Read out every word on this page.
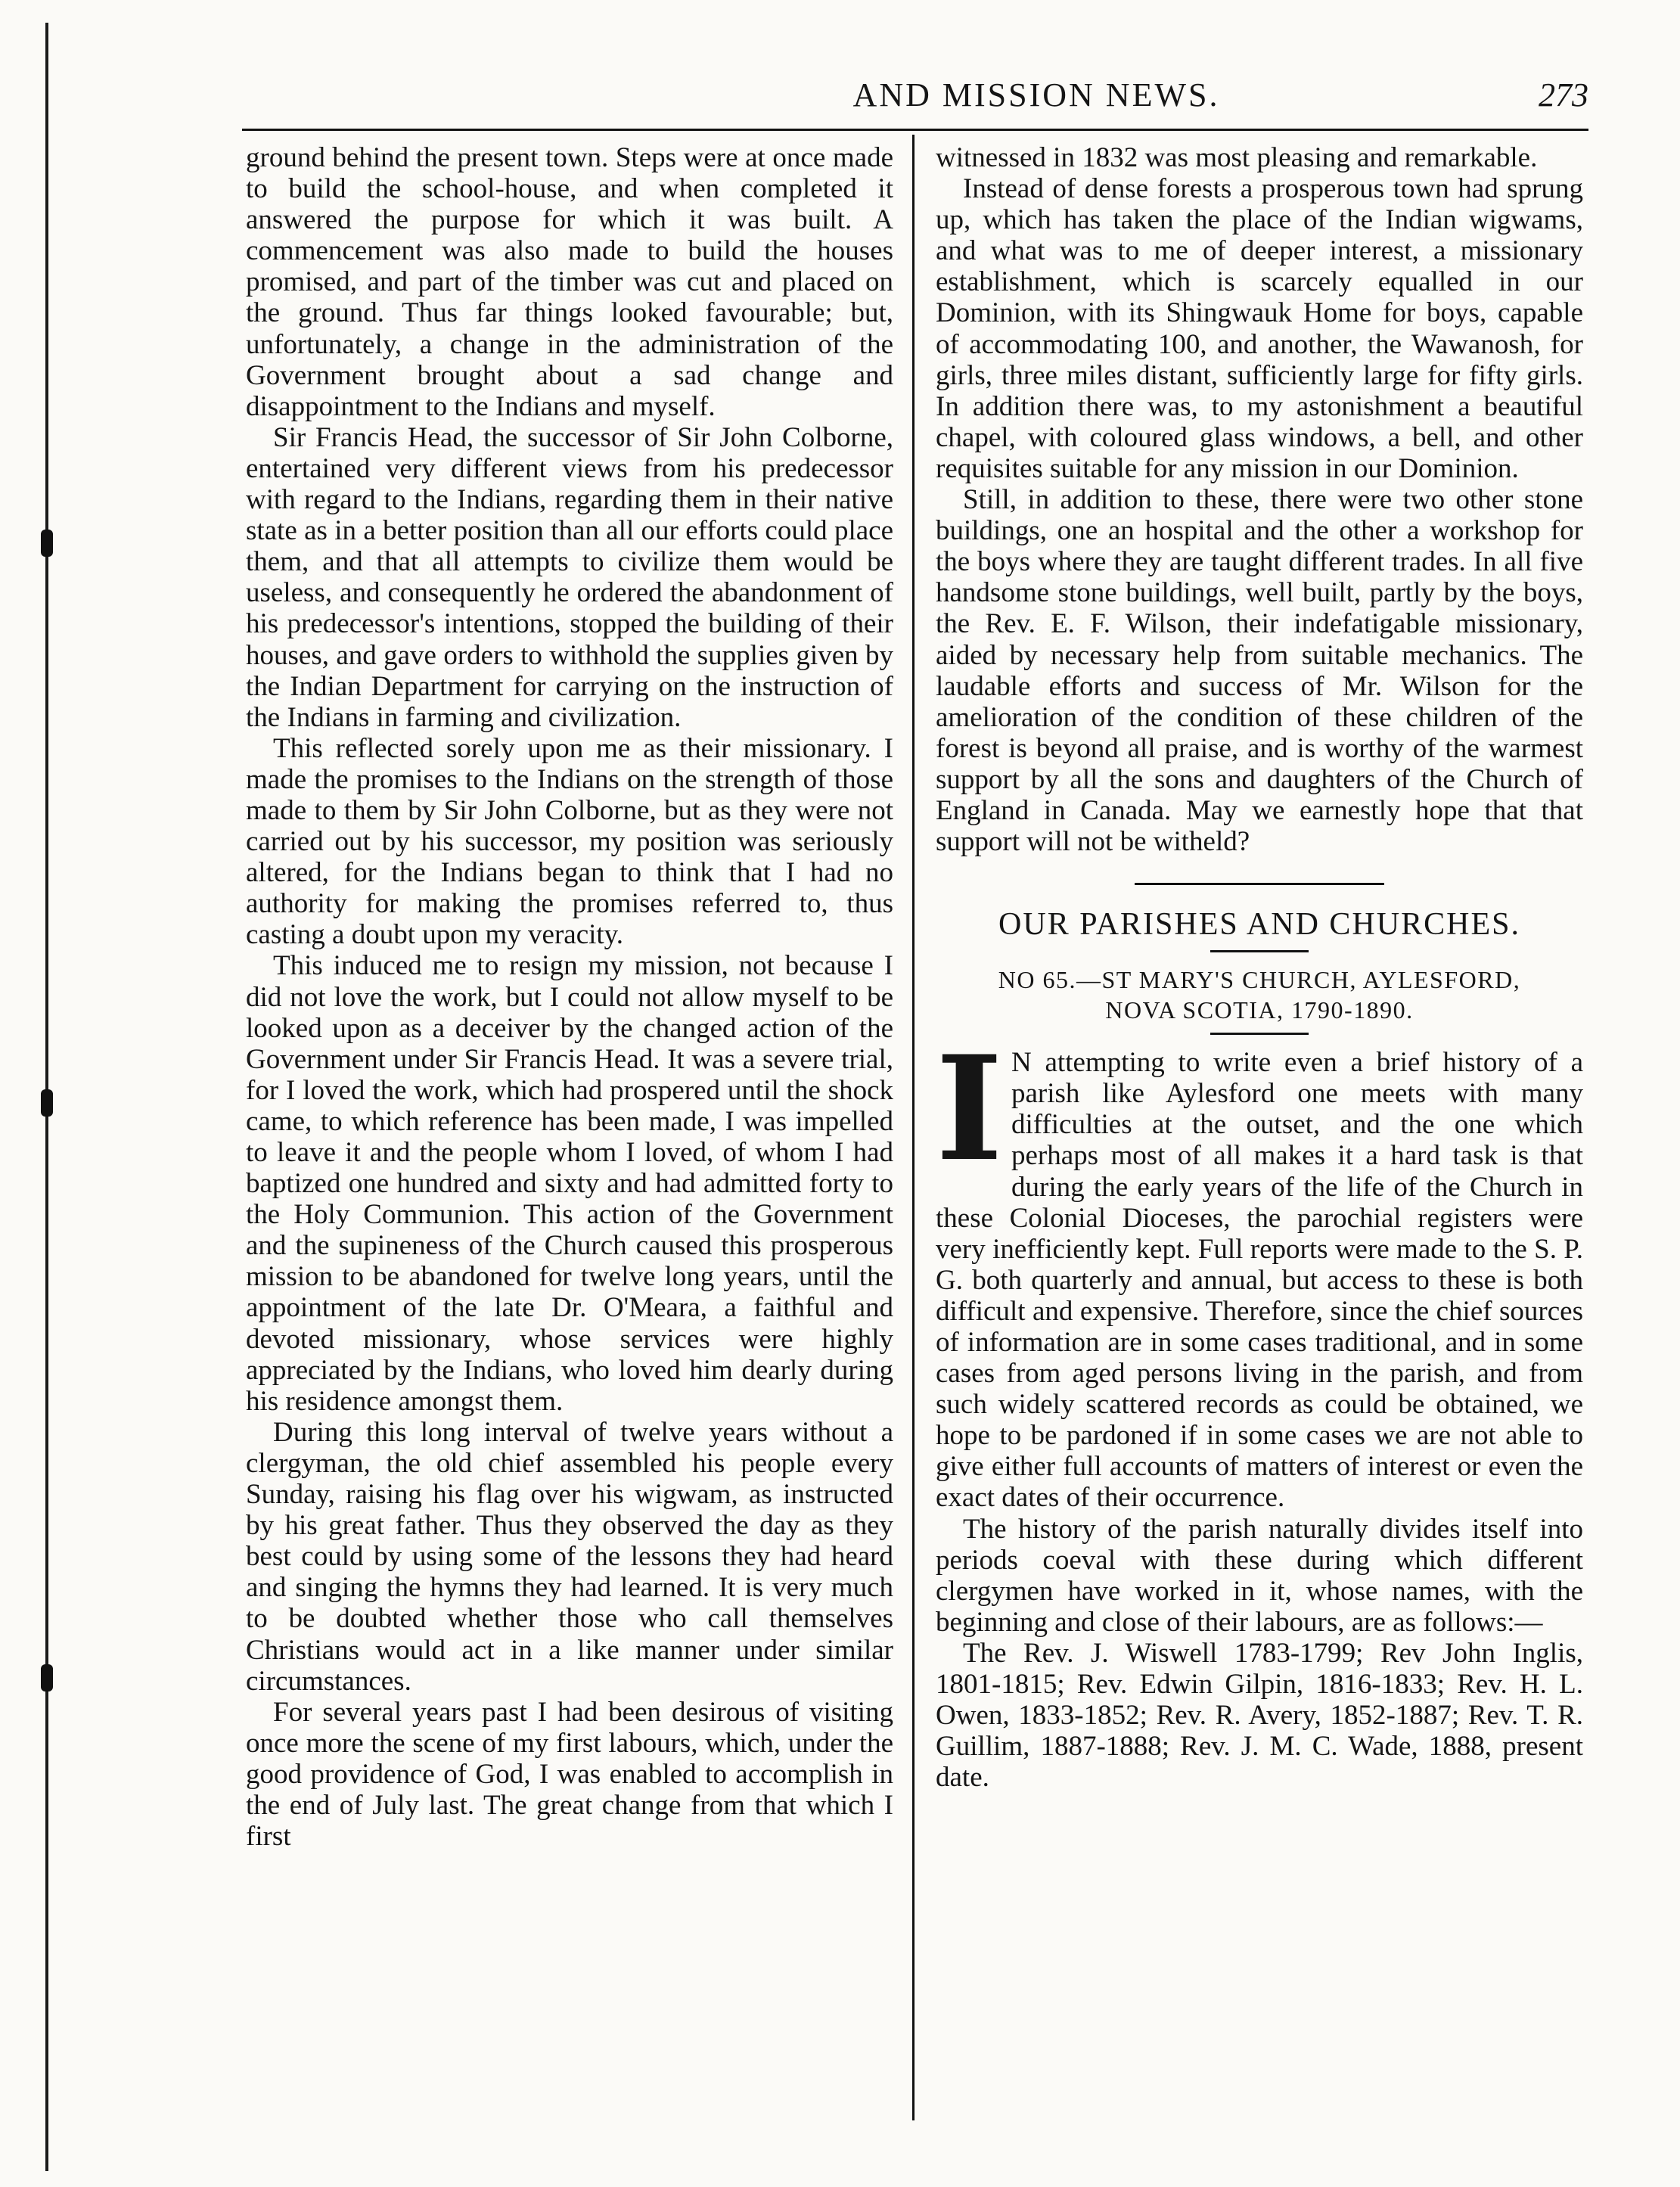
AND MISSION NEWS.	273

ground behind the present town. Steps were at once made to build the school-house, and when completed it answered the purpose for which it was built. A commencement was also made to build the houses promised, and part of the timber was cut and placed on the ground. Thus far things looked favourable; but, unfortunately, a change in the administration of the Government brought about a sad change and disappointment to the Indians and myself.

Sir Francis Head, the successor of Sir John Colborne, entertained very different views from his predecessor with regard to the Indians, regarding them in their native state as in a better position than all our efforts could place them, and that all attempts to civilize them would be useless, and consequently he ordered the abandonment of his predecessor's intentions, stopped the building of their houses, and gave orders to withhold the supplies given by the Indian Department for carrying on the instruction of the Indians in farming and civilization.

This reflected sorely upon me as their missionary. I made the promises to the Indians on the strength of those made to them by Sir John Colborne, but as they were not carried out by his successor, my position was seriously altered, for the Indians began to think that I had no authority for making the promises referred to, thus casting a doubt upon my veracity.

This induced me to resign my mission, not because I did not love the work, but I could not allow myself to be looked upon as a deceiver by the changed action of the Government under Sir Francis Head. It was a severe trial, for I loved the work, which had prospered until the shock came, to which reference has been made, I was impelled to leave it and the people whom I loved, of whom I had baptized one hundred and sixty and had admitted forty to the Holy Communion. This action of the Government and the supineness of the Church caused this prosperous mission to be abandoned for twelve long years, until the appointment of the late Dr. O'Meara, a faithful and devoted missionary, whose services were highly appreciated by the Indians, who loved him dearly during his residence amongst them.

During this long interval of twelve years without a clergyman, the old chief assembled his people every Sunday, raising his flag over his wigwam, as instructed by his great father. Thus they observed the day as they best could by using some of the lessons they had heard and singing the hymns they had learned. It is very much to be doubted whether those who call themselves Christians would act in a like manner under similar circumstances.

For several years past I had been desirous of visiting once more the scene of my first labours, which, under the good providence of God, I was enabled to accomplish in the end of July last. The great change from that which I first

witnessed in 1832 was most pleasing and remarkable.

Instead of dense forests a prosperous town had sprung up, which has taken the place of the Indian wigwams, and what was to me of deeper interest, a missionary establishment, which is scarcely equalled in our Dominion, with its Shingwauk Home for boys, capable of accommodating 100, and another, the Wawanosh, for girls, three miles distant, sufficiently large for fifty girls. In addition there was, to my astonishment a beautiful chapel, with coloured glass windows, a bell, and other requisites suitable for any mission in our Dominion.

Still, in addition to these, there were two other stone buildings, one an hospital and the other a workshop for the boys where they are taught different trades. In all five handsome stone buildings, well built, partly by the boys, the Rev. E. F. Wilson, their indefatigable missionary, aided by necessary help from suitable mechanics. The laudable efforts and success of Mr. Wilson for the amelioration of the condition of these children of the forest is beyond all praise, and is worthy of the warmest support by all the sons and daughters of the Church of England in Canada. May we earnestly hope that that support will not be witheld?

OUR PARISHES AND CHURCHES.
NO 65.—ST MARY'S CHURCH, AYLESFORD,
NOVA SCOTIA, 1790-1890.

I N attempting to write even a brief history of a parish like Aylesford one meets with many difficulties at the outset, and the one which perhaps most of all makes it a hard task is that during the early years of the life of the Church in these Colonial Dioceses, the parochial registers were very inefficiently kept. Full reports were made to the S. P. G. both quarterly and annual, but access to these is both difficult and expensive. Therefore, since the chief sources of information are in some cases traditional, and in some cases from aged persons living in the parish, and from such widely scattered records as could be obtained, we hope to be pardoned if in some cases we are not able to give either full accounts of matters of interest or even the exact dates of their occurrence.

The history of the parish naturally divides itself into periods coeval with these during which different clergymen have worked in it, whose names, with the beginning and close of their labours, are as follows:—

The Rev. J. Wiswell 1783-1799; Rev John Inglis, 1801-1815; Rev. Edwin Gilpin, 1816-1833; Rev. H. L. Owen, 1833-1852; Rev. R. Avery, 1852-1887; Rev. T. R. Guillim, 1887-1888; Rev. J. M. C. Wade, 1888, present date.
